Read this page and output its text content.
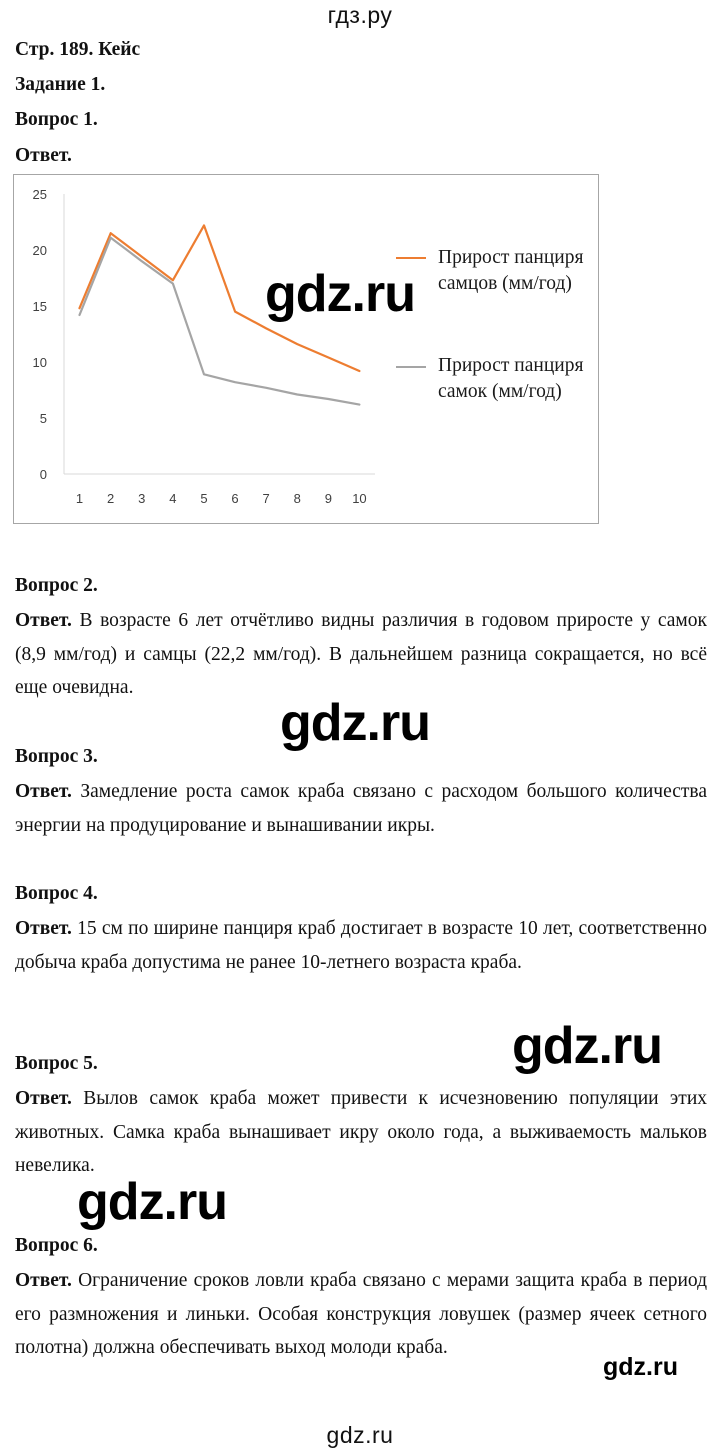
гдз.ру
Стр. 189. Кейс
Задание 1.
Вопрос 1.
Ответ.
0
5
10
15
20
25
1 2 3 4 5 6 7 8 9 10
Прирост панциря самцов (мм/год)
Прирост панциря самок (мм/год)
gdz.ru
gdz.ru
gdz.ru
gdz.ru
gdz.ru
Вопрос 2.
Ответ. В возрасте 6 лет отчётливо видны различия в годовом приросте у самок (8,9 мм/год) и самцы (22,2 мм/год). В дальнейшем разница сокращается, но всё еще очевидна.
Вопрос 3.
Ответ. Замедление роста самок краба связано с расходом большого количества энергии на продуцирование и вынашивании икры.
Вопрос 4.
Ответ. 15 см по ширине панциря краб достигает в возрасте 10 лет, соответственно добыча краба допустима не ранее 10-летнего возраста краба.
Вопрос 5.
Ответ. Вылов самок краба может привести к исчезновению популяции этих животных. Самка краба вынашивает икру около года, а выживаемость мальков невелика.
Вопрос 6.
Ответ. Ограничение сроков ловли краба связано с мерами защита краба в период его размножения и линьки. Особая конструкция ловушек (размер ячеек сетного полотна) должна обеспечивать выход молоди краба.
gdz.ru
